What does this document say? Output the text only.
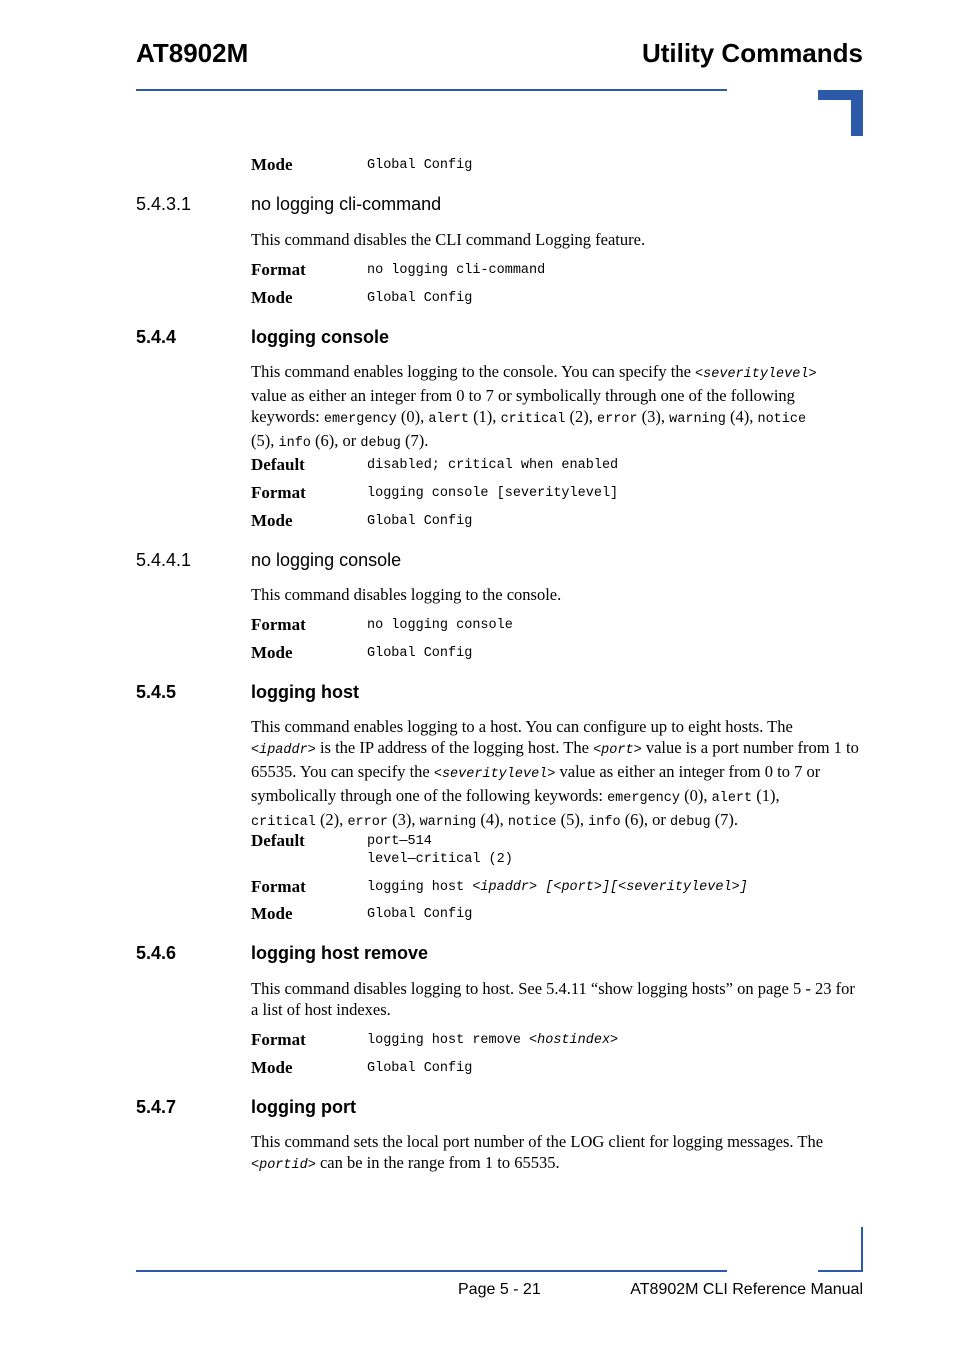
AT8902M	Utility Commands
Mode	Global Config
5.4.3.1	no logging cli-command
This command disables the CLI command Logging feature.
Format	no logging cli-command
Mode	Global Config
5.4.4	logging console
This command enables logging to the console. You can specify the <severitylevel>
value as either an integer from 0 to 7 or symbolically through one of the following keywords: emergency (0), alert (1), critical (2), error (3), warning (4), notice
(5), info (6), or debug (7).
Default	disabled; critical when enabled
Format	logging console [severitylevel]
Mode	Global Config
5.4.4.1	no logging console
This command disables logging to the console.
Format	no logging console
Mode	Global Config
5.4.5	logging host
This command enables logging to a host. You can configure up to eight hosts. The
<ipaddr> is the IP address of the logging host. The <port> value is a port number from 1 to 65535. You can specify the <severitylevel> value as either an integer from 0 to 7 or symbolically through one of the following keywords: emergency (0), alert (1),
critical (2), error (3), warning (4), notice (5), info (6), or debug (7).
Default	port—514
level—critical (2)
Format	logging host <ipaddr> [<port>][<severitylevel>]
Mode	Global Config
5.4.6	logging host remove
This command disables logging to host. See 5.4.11 “show logging hosts” on page 5 - 23 for a list of host indexes.
Format	logging host remove <hostindex>
Mode	Global Config
5.4.7	logging port
This command sets the local port number of the LOG client for logging messages. The
<portid> can be in the range from 1 to 65535.
Page 5 - 21	AT8902M CLI Reference Manual
